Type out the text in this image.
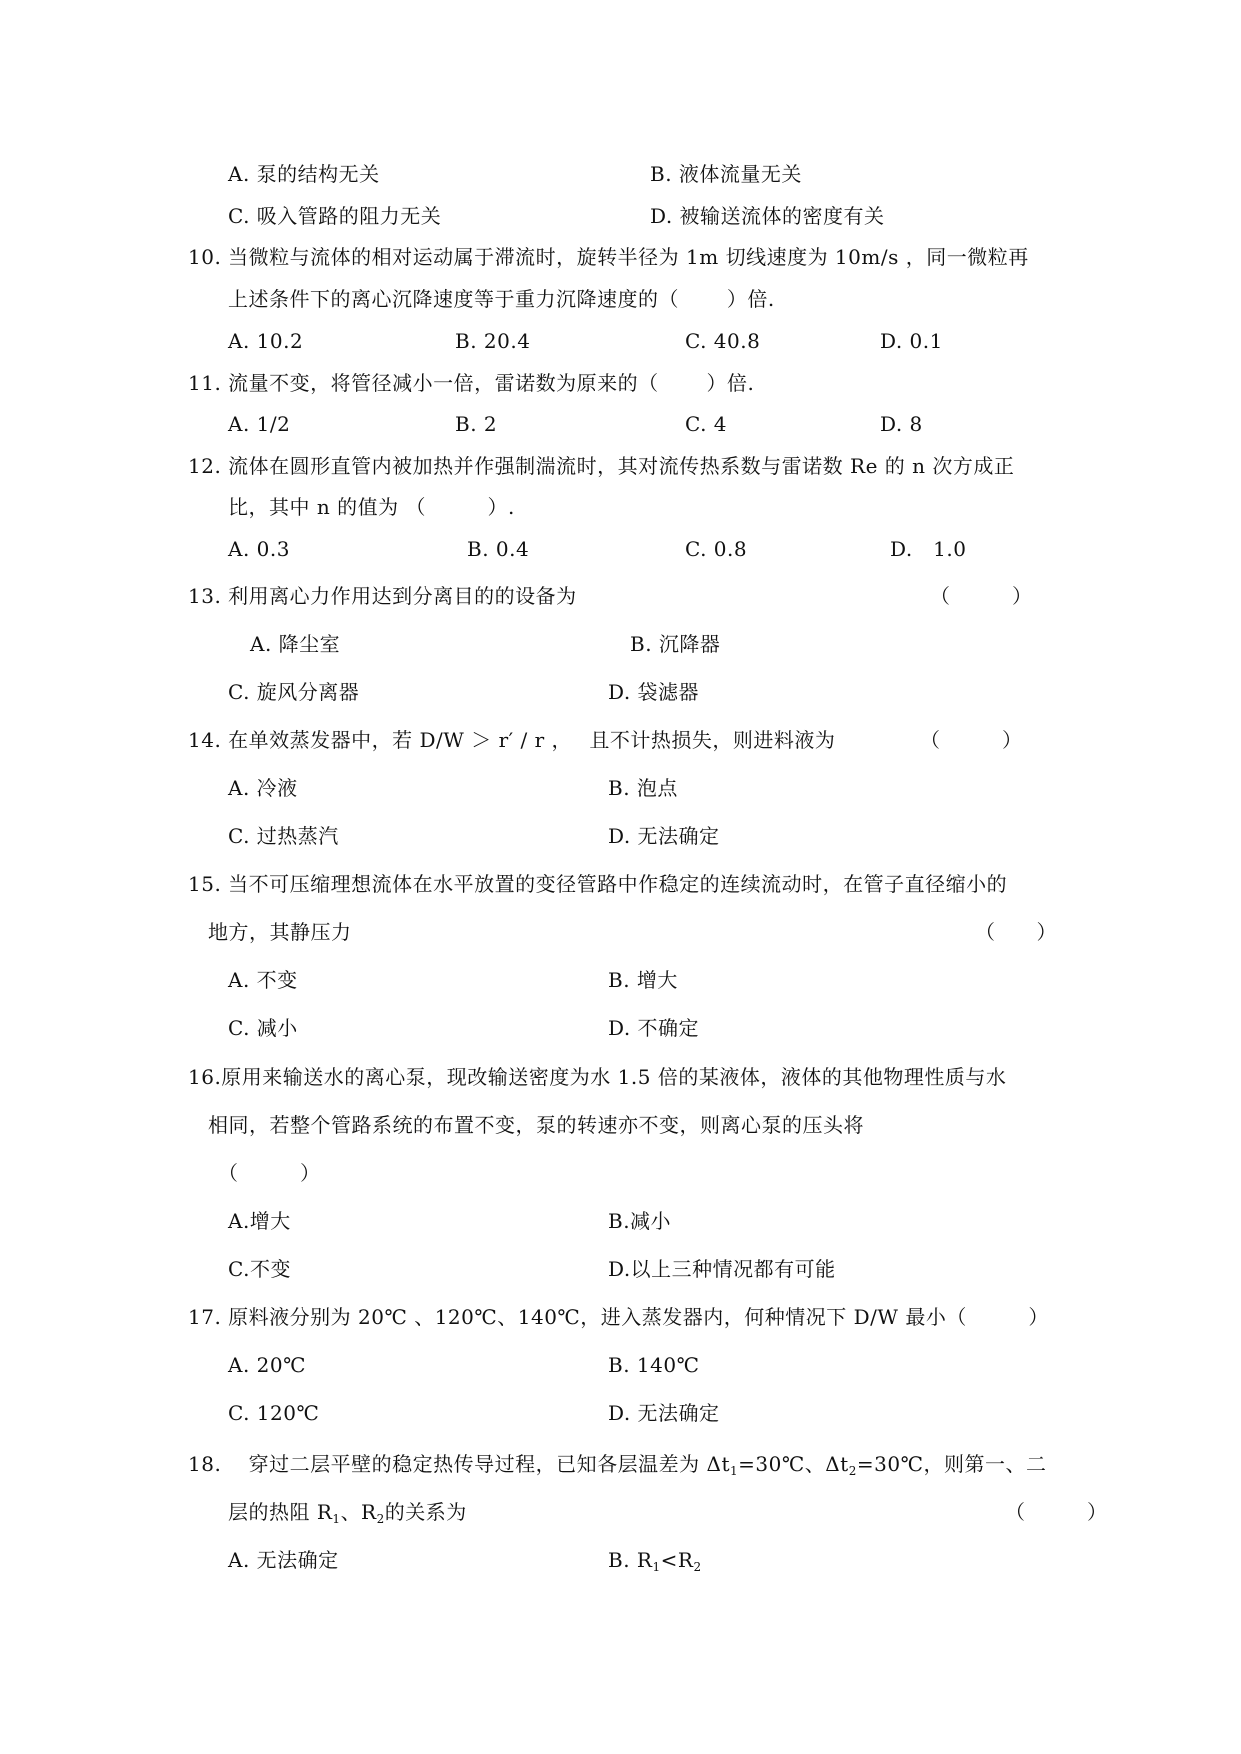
A. 泵的结构无关	B. 液体流量无关
C. 吸入管路的阻力无关	D. 被输送流体的密度有关
10. 当微粒与流体的相对运动属于滞流时，旋转半径为 1m 切线速度为 10m/s ，同一微粒再
上述条件下的离心沉降速度等于重力沉降速度的（　　 ）倍.
A. 10.2	B. 20.4	C. 40.8	D. 0.1
11. 流量不变，将管径减小一倍，雷诺数为原来的（　　 ）倍.
A. 1/2	B. 2	C. 4	D. 8
12. 流体在圆形直管内被加热并作强制湍流时，其对流传热系数与雷诺数 Re 的 n 次方成正
比，其中 n 的值为 （　　　）.
A. 0.3	B. 0.4	C. 0.8	D.　1.0
13. 利用离心力作用达到分离目的的设备为	（　　　）
A. 降尘室	B. 沉降器
C. 旋风分离器	D. 袋滤器
14. 在单效蒸发器中，若 D/W ＞ r′ / r ，　 且不计热损失，则进料液为	（　　　）
A. 冷液	B. 泡点
C. 过热蒸汽	D. 无法确定
15. 当不可压缩理想流体在水平放置的变径管路中作稳定的连续流动时，在管子直径缩小的
地方，其静压力	（　　）
A. 不变	B. 增大
C. 减小	D. 不确定
16.原用来输送水的离心泵，现改输送密度为水 1.5 倍的某液体，液体的其他物理性质与水
相同，若整个管路系统的布置不变，泵的转速亦不变，则离心泵的压头将
（　　　）
A.增大	B.减小
C.不变	D.以上三种情况都有可能
17. 原料液分别为 20℃ 、120℃、140℃，进入蒸发器内，何种情况下 D/W 最小（　　　）
A. 20℃	B. 140℃
C. 120℃	D. 无法确定
18.　 穿过二层平壁的稳定热传导过程，已知各层温差为 $\Delta t_1=30℃$、$\Delta t_2=30℃$，则第一、二
层的热阻 $R_1$、$R_2$的关系为	（　　　）
A. 无法确定	B. $R_1<R_2$
